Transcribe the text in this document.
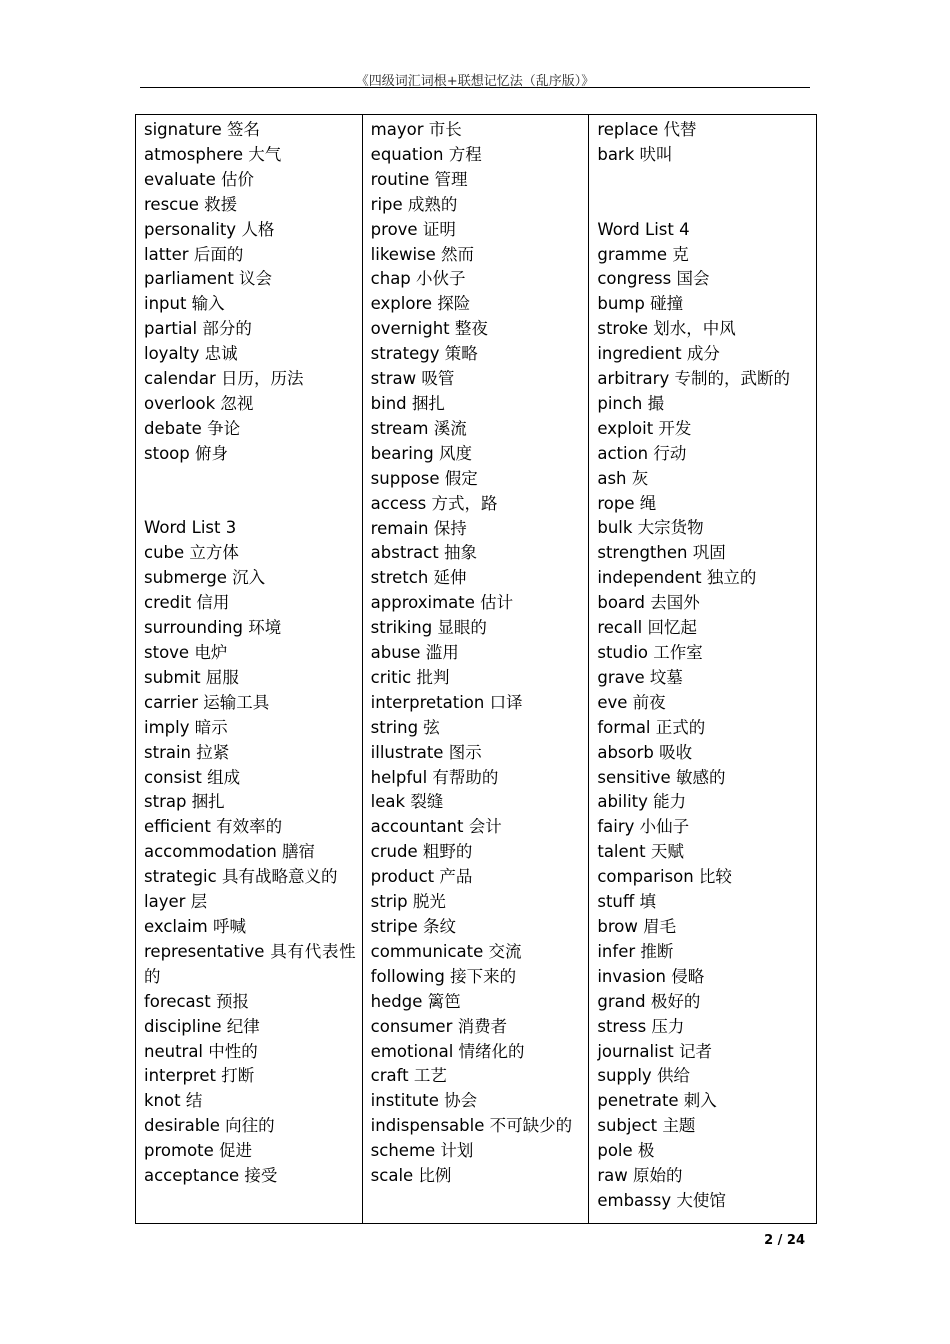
《四级词汇词根+联想记忆法（乱序版）》
signature 签名
atmosphere 大气
evaluate 估价
rescue 救援
personality 人格
latter 后面的
parliament 议会
input 输入
partial 部分的
loyalty 忠诚
calendar 日历，历法
overlook 忽视
debate 争论
stoop 俯身
Word List 3
cube 立方体
submerge 沉入
credit 信用
surrounding 环境
stove 电炉
submit 屈服
carrier 运输工具
imply 暗示
strain 拉紧
consist 组成
strap 捆扎
efficient 有效率的
accommodation 膳宿
strategic 具有战略意义的
layer 层
exclaim 呼喊
representative 具有代表性的
forecast 预报
discipline 纪律
neutral 中性的
interpret 打断
knot 结
desirable 向往的
promote 促进
acceptance 接受
mayor 市长
equation 方程
routine 管理
ripe 成熟的
prove 证明
likewise 然而
chap 小伙子
explore 探险
overnight 整夜
strategy 策略
straw 吸管
bind 捆扎
stream 溪流
bearing 风度
suppose 假定
access 方式，路
remain 保持
abstract 抽象
stretch 延伸
approximate 估计
striking 显眼的
abuse 滥用
critic 批判
interpretation 口译
string 弦
illustrate 图示
helpful 有帮助的
leak 裂缝
accountant 会计
crude 粗野的
product 产品
strip 脱光
stripe 条纹
communicate 交流
following 接下来的
hedge 篱笆
consumer 消费者
emotional 情绪化的
craft 工艺
institute 协会
indispensable 不可缺少的
scheme 计划
scale 比例
replace 代替
bark 吠叫
Word List 4
gramme 克
congress 国会
bump 碰撞
stroke 划水，中风
ingredient 成分
arbitrary 专制的，武断的
pinch 撮
exploit 开发
action 行动
ash 灰
rope 绳
bulk 大宗货物
strengthen 巩固
independent 独立的
board 去国外
recall 回忆起
studio 工作室
grave 坟墓
eve 前夜
formal 正式的
absorb 吸收
sensitive 敏感的
ability 能力
fairy 小仙子
talent 天赋
comparison 比较
stuff 填
brow 眉毛
infer 推断
invasion 侵略
grand 极好的
stress 压力
journalist 记者
supply 供给
penetrate 刺入
subject 主题
pole 极
raw 原始的
embassy 大使馆
2 / 24
